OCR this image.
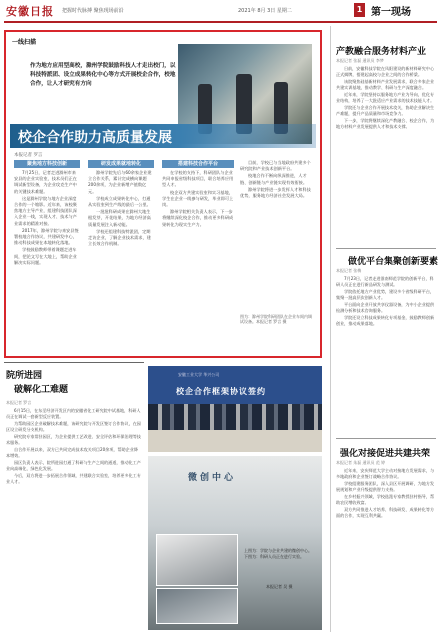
安徽日报 把握时代脉搏 聚焦现场前沿	2021年 8月 3日 星期二	1 第一现场
一线扫描
作为地方应用型高校，滁州学院鼓励科技人才走出校门，以科技特派团、设立成果转化中心等方式开展校企合作，校地合作，让人才研究有方向
校企合作助力高质量发展
本报记者 罗言
聚焦地方科技创新

7月25日，记者走进滁州市来安县的企业实验室，技术员们正在调试新型设备，为企业攻克生产中的关键技术难题。

这是滁州学院与地方企业深度合作的一个缩影。近年来，该校聚焦地方主导产业，组建科技团队深入企业一线，实现人才、技术与产业需求的精准对接。

2017年，滁州学院与来安县签署校地合作协议，共建研发中心，推动科技成果在本地转化落地。

学校鼓励教师带着课题走进车间，把论文写在大地上，帮助企业解决实际问题。

研发成果就地转化

滁州学院先后与60余家企业建立合作关系，累计完成横向课题200余项，为企业新增产值数亿元。

学校成立成果转化中心，打通从实验室到生产线的最后一公里。

一批批科研成果在滁州大地生根发芽，开花结果，为地方经济高质量发展注入新动能。

学校还组建科技特派团，定期走访企业，了解企业技术需求，建立长效合作机制。

搭建科技合作平台

在学校的支持下，科研团队与企业共同申报省级科技项目，联合培养应用型人才。

校企双方共建实验室和实习基地，学生在企业一线参与研发，毕业即可上岗。

滁州学院相关负责人表示，下一步将继续深化校企合作，推动更多科研成果转化为现实生产力。

目前，学校已与当地政府共建多个研究院和产业技术创新平台。

校地合作不断向纵深推进，人才链、创新链与产业链实现有效衔接。

滁州学院将进一步发挥人才和科技优势，服务地方经济社会发展大局。

图为：滁州学院科研团队在企业车间内调试设备。本报记者 罗言 摄
产教融合服务材料产业
本报记者 张磊 通讯员 李梦

日前，安徽科技学院在凤阳建设的新材料研究中心正式揭牌，搭建起高校与企业之间的合作桥梁。

该院聚焦硅基新材料产业发展需求，联合多家企业共建实训基地，推动教学、科研与生产深度融合。

近年来，学院坚持以服务地方产业为导向，优化专业结构，培养了一大批适应产业需求的技术技能人才。

学院还与企业合作开展技术攻关，协助企业解决生产难题，提升产品质量和市场竞争力。

下一步，学院将继续深化产教融合、校企合作，为地方材料产业发展提供人才和技术支撑。

做优平台集聚创新要素
本报记者 张梅

7月23日，记者走进淮南师范学院的创新平台，科研人员正在进行新品研发与测试。

学院依托地方产业优势，建设多个省级科研平台，集聚一批高层次创新人才。

平台面向企业开放共享仪器设备，为中小企业提供检测分析和技术咨询服务。

学院还设立科技成果转化专项基金，鼓励教师创新创业，推动成果落地。

强化对接促进共建共荣
本报记者 朱磊 通讯员 范 婷

近年来，安庆师范大学主动对接地方发展需求，与多地政府和企业签订战略合作协议。

学校组建服务团队，深入县区开展调研，为地方发展规划和产业升级提供智力支持。

在乡村振兴领域，学校选派专家教授驻村指导，帮助农民增收致富。

双方共同推进人才培养、科技研发、成果转化等方面的合作，实现互利共赢。

院所进园
破解化工难题
本报记者 罗言

6月15日，在东至经济开发区内的安徽省化工研究院中试基地，科研人员正在调试一套新型反应装置。

为帮助园区企业破解技术难题，该研究院与开发区签订合作协议，在园区设立研发分支机构。

研究院专家常驻园区，为企业提供工艺改进、安全评估和环保治理等技术服务。

自合作开展以来，双方已共同完成技术攻关项目20余项，帮助企业降本增效。

园区负责人表示，院所进园打通了科研与生产之间的通道，推动化工产业向高端化、绿色化发展。

今后，双方将进一步拓展合作领域，共建联合实验室，培养更多化工专业人才。

安徽工业大学 华兴公司
校企合作框架协议签约
微创中心
上图为：学院与企业共建的微创中心。下图为：科研人员正在进行实验。
本报记者 吴 摄
